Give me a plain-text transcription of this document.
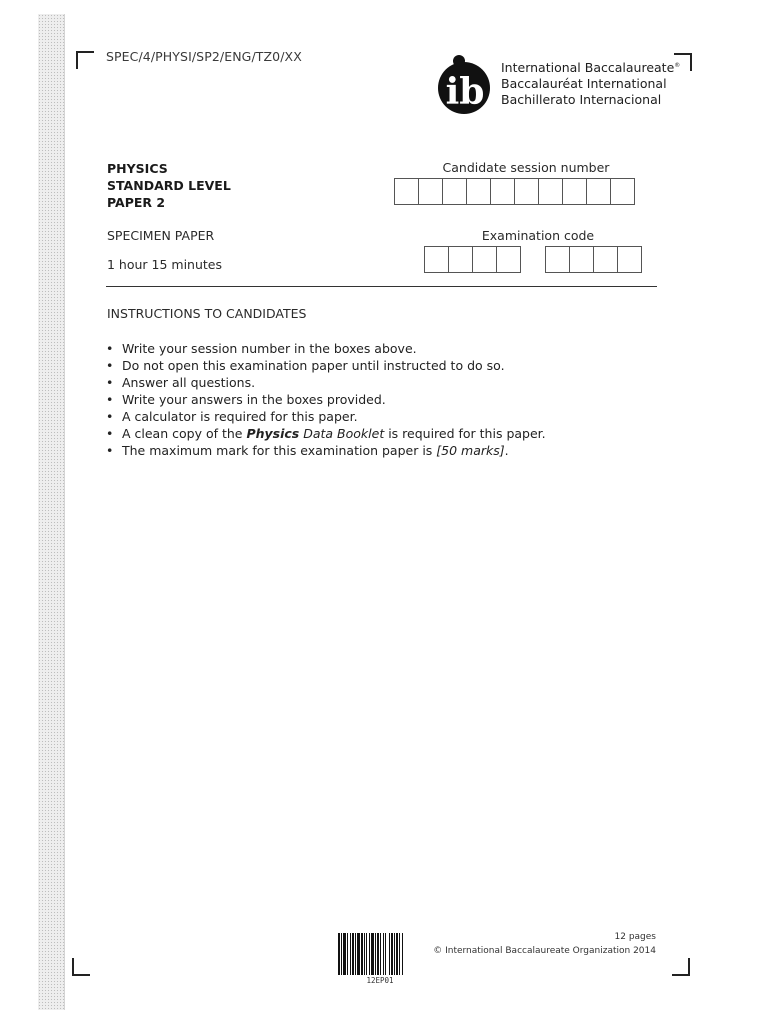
SPEC/4/PHYSI/SP2/ENG/TZ0/XX
ib
International Baccalaureate®
Baccalauréat International
Bachillerato Internacional
PHYSICS
STANDARD LEVEL
PAPER 2
SPECIMEN PAPER
1 hour 15 minutes
Candidate session number
Examination code
INSTRUCTIONS TO CANDIDATES
• Write your session number in the boxes above.
• Do not open this examination paper until instructed to do so.
• Answer all questions.
• Write your answers in the boxes provided.
• A calculator is required for this paper.
• A clean copy of the Physics Data Booklet is required for this paper.
• The maximum mark for this examination paper is [50 marks].
12EP01
12 pages
© International Baccalaureate Organization 2014
